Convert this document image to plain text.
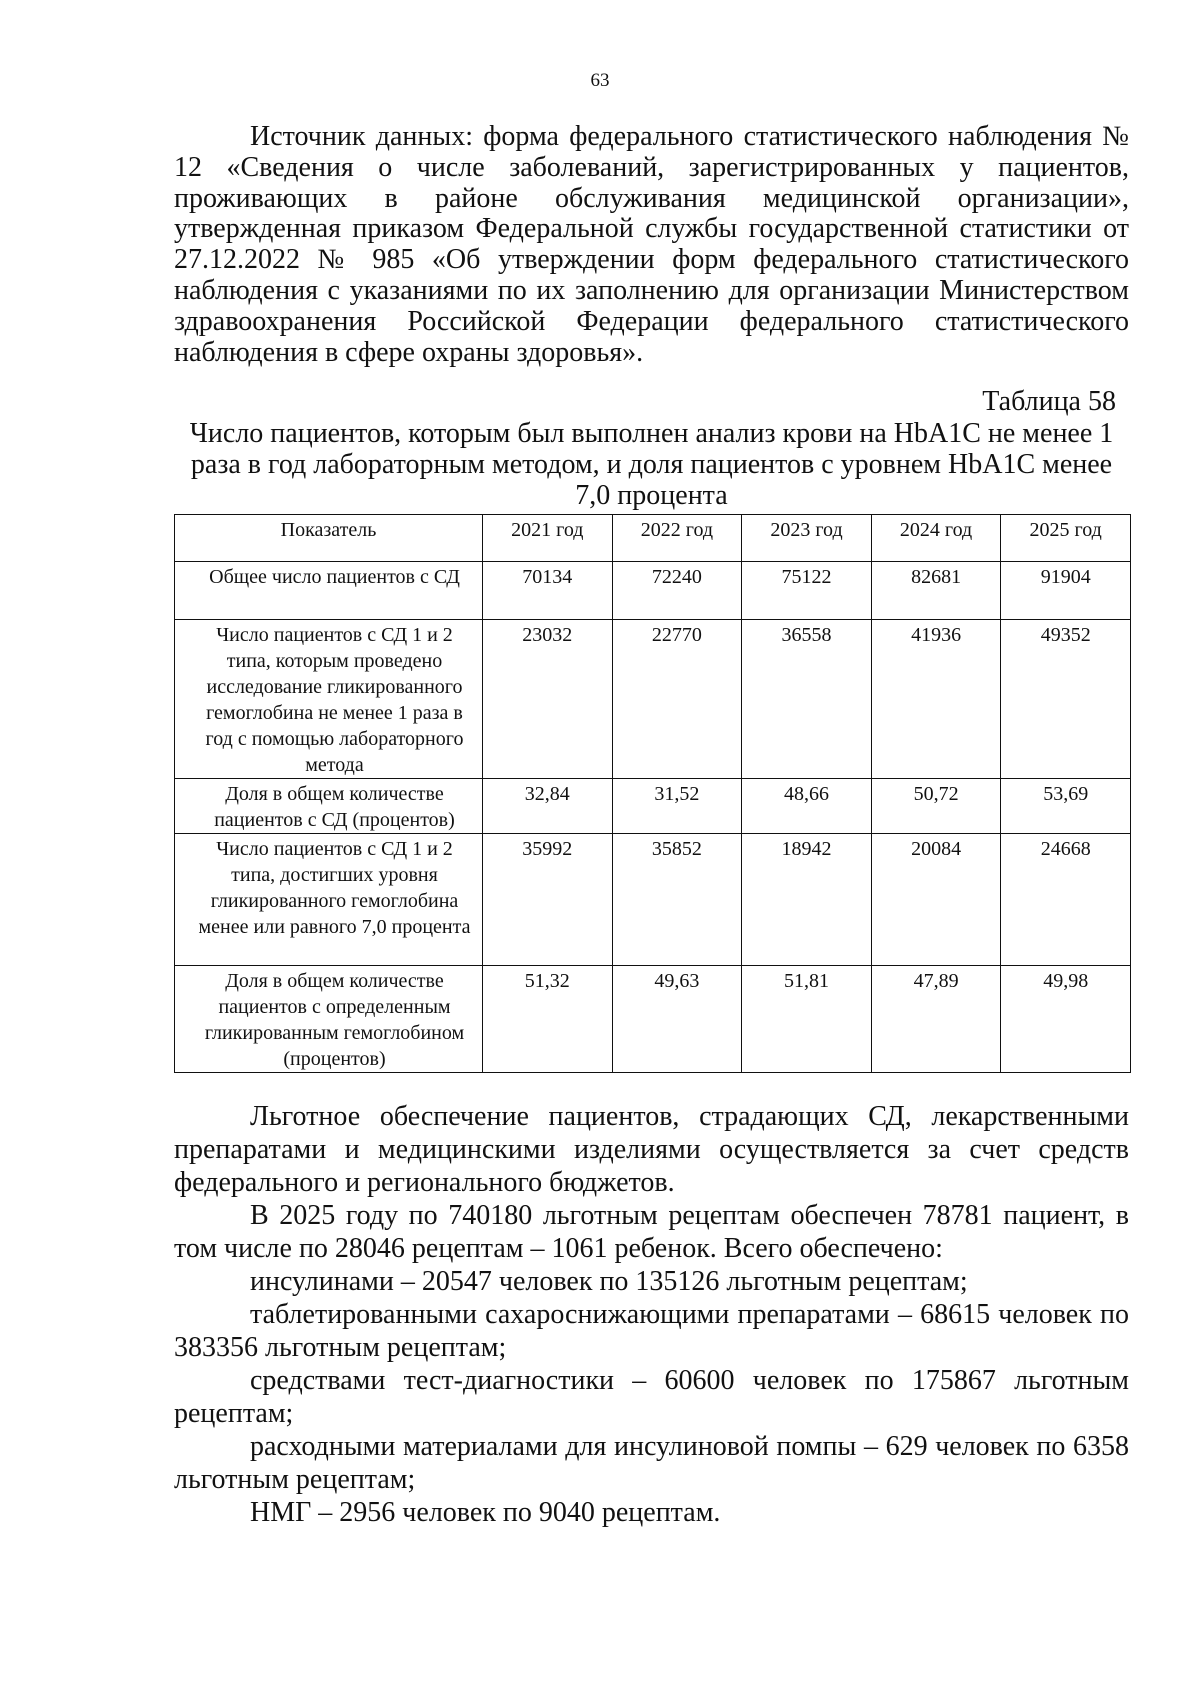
63

Источник данных: форма федерального статистического наблюдения № 12 «Сведения о числе заболеваний, зарегистрированных у пациентов, проживающих в районе обслуживания медицинской организации», утвержденная приказом Федеральной службы государственной статистики от 27.12.2022 № 985 «Об утверждении форм федерального статистического наблюдения с указаниями по их заполнению для организации Министерством здравоохранения Российской Федерации федерального статистического наблюдения в сфере охраны здоровья».

Таблица 58

Число пациентов, которым был выполнен анализ крови на HbA1C не менее 1 раза в год лабораторным методом, и доля пациентов с уровнем HbA1C менее 7,0 процента

Показатель	2021 год	2022 год	2023 год	2024 год	2025 год
Общее число пациентов с СД	70134	72240	75122	82681	91904
Число пациентов с СД 1 и 2 типа, которым проведено исследование гликированного гемоглобина не менее 1 раза в год с помощью лабораторного метода	23032	22770	36558	41936	49352
Доля в общем количестве пациентов с СД (процентов)	32,84	31,52	48,66	50,72	53,69
Число пациентов с СД 1 и 2 типа, достигших уровня гликированного гемоглобина менее или равного 7,0 процента	35992	35852	18942	20084	24668
Доля в общем количестве пациентов с определенным гликированным гемоглобином (процентов)	51,32	49,63	51,81	47,89	49,98

Льготное обеспечение пациентов, страдающих СД, лекарственными препаратами и медицинскими изделиями осуществляется за счет средств федерального и регионального бюджетов.

В 2025 году по 740180 льготным рецептам обеспечен 78781 пациент, в том числе по 28046 рецептам – 1061 ребенок. Всего обеспечено:

инсулинами – 20547 человек по 135126 льготным рецептам;

таблетированными сахароснижающими препаратами – 68615 человек по 383356 льготным рецептам;

средствами тест-диагностики – 60600 человек по 175867 льготным рецептам;

расходными материалами для инсулиновой помпы – 629 человек по 6358 льготным рецептам;

НМГ – 2956 человек по 9040 рецептам.
